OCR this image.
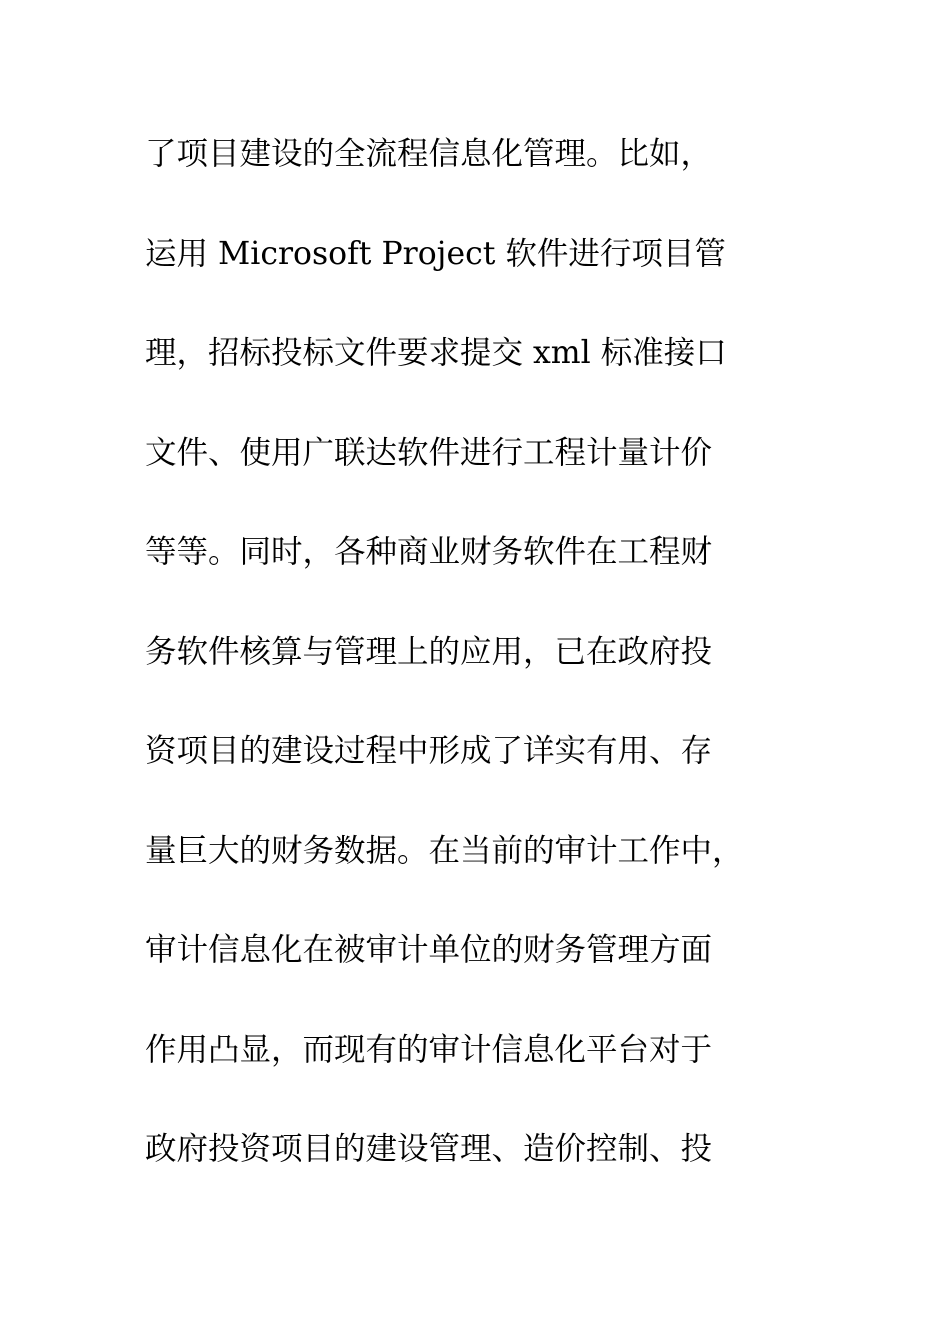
了项目建设的全流程信息化管理。比如，
运用 Microsoft Project 软件进行项目管
理，招标投标文件要求提交 xml 标准接口
文件、使用广联达软件进行工程计量计价
等等。同时，各种商业财务软件在工程财
务软件核算与管理上的应用，已在政府投
资项目的建设过程中形成了详实有用、存
量巨大的财务数据。在当前的审计工作中，
审计信息化在被审计单位的财务管理方面
作用凸显，而现有的审计信息化平台对于
政府投资项目的建设管理、造价控制、投
